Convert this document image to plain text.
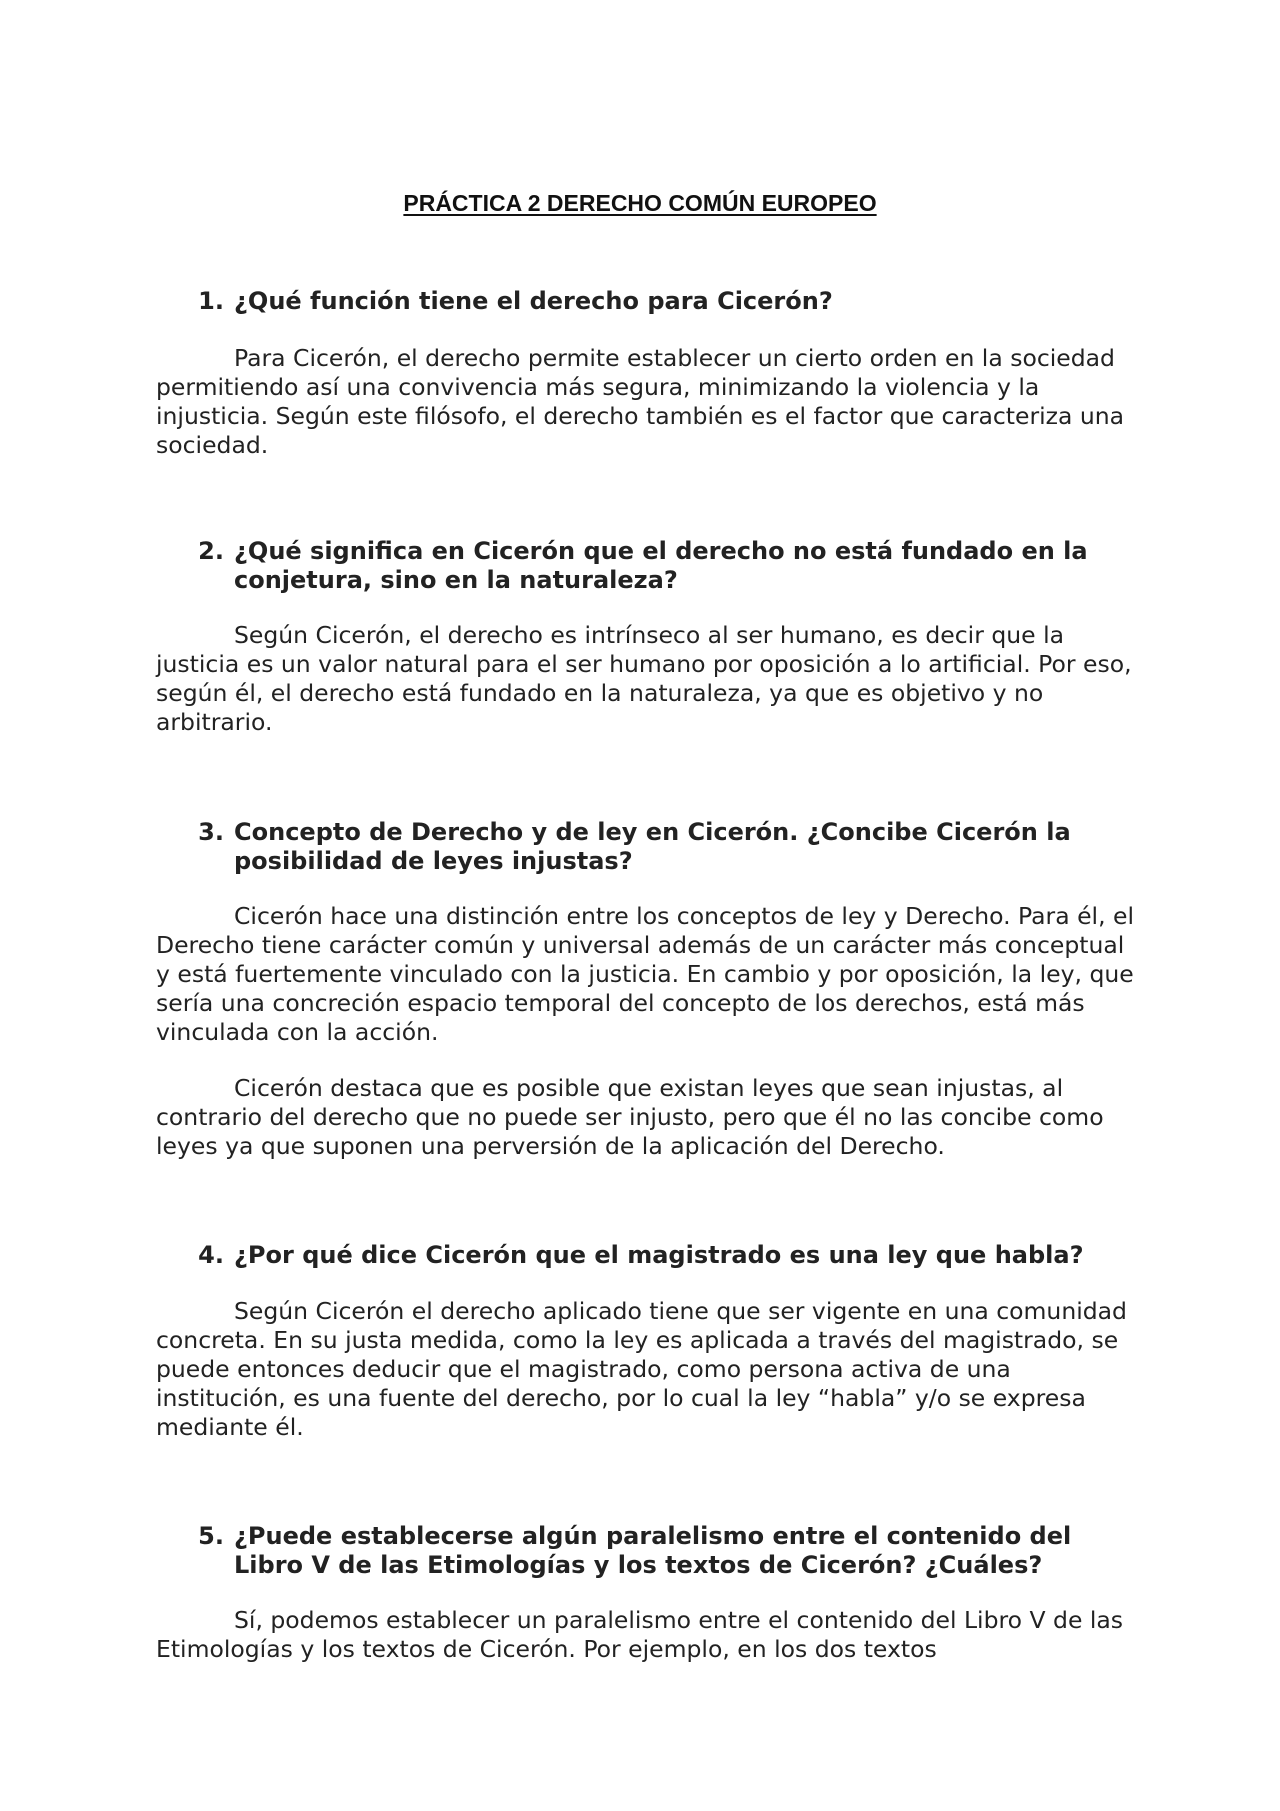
PRÁCTICA 2 DERECHO COMÚN EUROPEO
1. ¿Qué función tiene el derecho para Cicerón?

Para Cicerón, el derecho permite establecer un cierto orden en la sociedad permitiendo así una convivencia más segura, minimizando la violencia y la injusticia. Según este filósofo, el derecho también es el factor que caracteriza una sociedad.

2. ¿Qué significa en Cicerón que el derecho no está fundado en la conjetura, sino en la naturaleza?

Según Cicerón, el derecho es intrínseco al ser humano, es decir que la justicia es un valor natural para el ser humano por oposición a lo artificial. Por eso, según él, el derecho está fundado en la naturaleza, ya que es objetivo y no arbitrario.

3. Concepto de Derecho y de ley en Cicerón. ¿Concibe Cicerón la posibilidad de leyes injustas?

Cicerón hace una distinción entre los conceptos de ley y Derecho. Para él, el Derecho tiene carácter común y universal además de un carácter más conceptual y está fuertemente vinculado con la justicia. En cambio y por oposición, la ley, que sería una concreción espacio temporal del concepto de los derechos, está más vinculada con la acción.

Cicerón destaca que es posible que existan leyes que sean injustas, al contrario del derecho que no puede ser injusto, pero que él no las concibe como leyes ya que suponen una perversión de la aplicación del Derecho.

4. ¿Por qué dice Cicerón que el magistrado es una ley que habla?

Según Cicerón el derecho aplicado tiene que ser vigente en una comunidad concreta. En su justa medida, como la ley es aplicada a través del magistrado, se puede entonces deducir que el magistrado, como persona activa de una institución, es una fuente del derecho, por lo cual la ley “habla” y/o se expresa mediante él.

5. ¿Puede establecerse algún paralelismo entre el contenido del Libro V de las Etimologías y los textos de Cicerón? ¿Cuáles?

Sí, podemos establecer un paralelismo entre el contenido del Libro V de las Etimologías y los textos de Cicerón. Por ejemplo, en los dos textos
